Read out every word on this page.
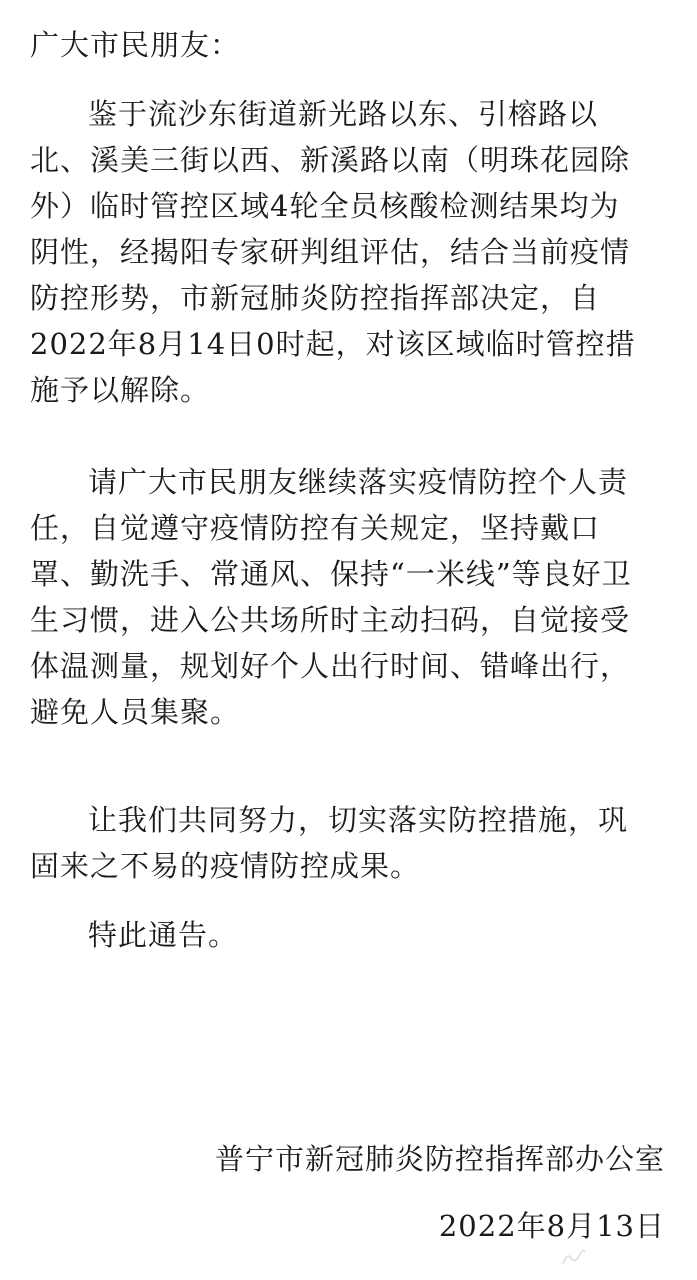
广大市民朋友：

鉴于流沙东街道新光路以东、引榕路以
北、溪美三街以西、新溪路以南（明珠花园除
外）临时管控区域4轮全员核酸检测结果均为
阴性，经揭阳专家研判组评估，结合当前疫情
防控形势，市新冠肺炎防控指挥部决定，自
2022年8月14日0时起，对该区域临时管控措
施予以解除。
请广大市民朋友继续落实疫情防控个人责
任，自觉遵守疫情防控有关规定，坚持戴口
罩、勤洗手、常通风、保持“一米线”等良好卫
生习惯，进入公共场所时主动扫码，自觉接受
体温测量，规划好个人出行时间、错峰出行，
避免人员集聚。
让我们共同努力，切实落实防控措施，巩
固来之不易的疫情防控成果。
特此通告。

普宁市新冠肺炎防控指挥部办公室

2022年8月13日
